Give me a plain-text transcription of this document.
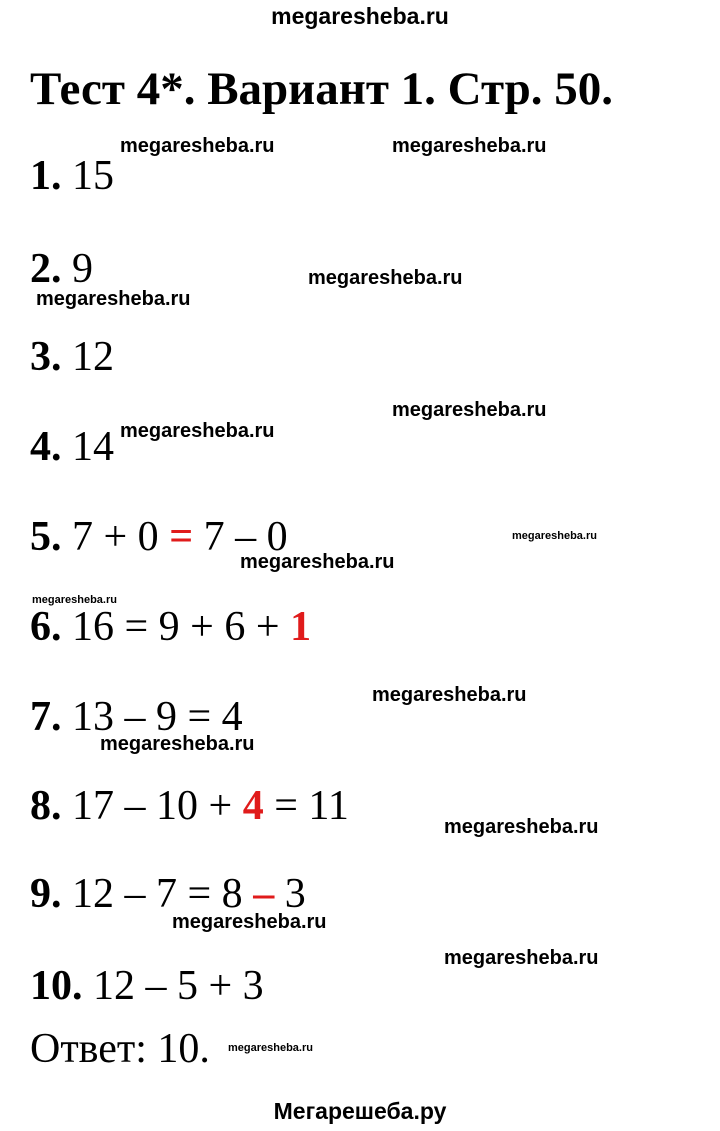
megaresheba.ru
Тест 4*. Вариант 1. Стр. 50.
1. 15
2. 9
3. 12
4. 14
5. 7 + 0 = 7 – 0
6. 16 = 9 + 6 + 1
7. 13 – 9 = 4
8. 17 – 10 + 4 = 11
9. 12 – 7 = 8 – 3
10. 12 – 5 + 3
Ответ: 10.
megaresheba.ru	megaresheba.ru
megaresheba.ru
megaresheba.ru
megaresheba.ru
megaresheba.ru
megaresheba.ru
megaresheba.ru
megaresheba.ru
megaresheba.ru
megaresheba.ru
megaresheba.ru
megaresheba.ru
megaresheba.ru
megaresheba.ru
Мегарешеба.ру
